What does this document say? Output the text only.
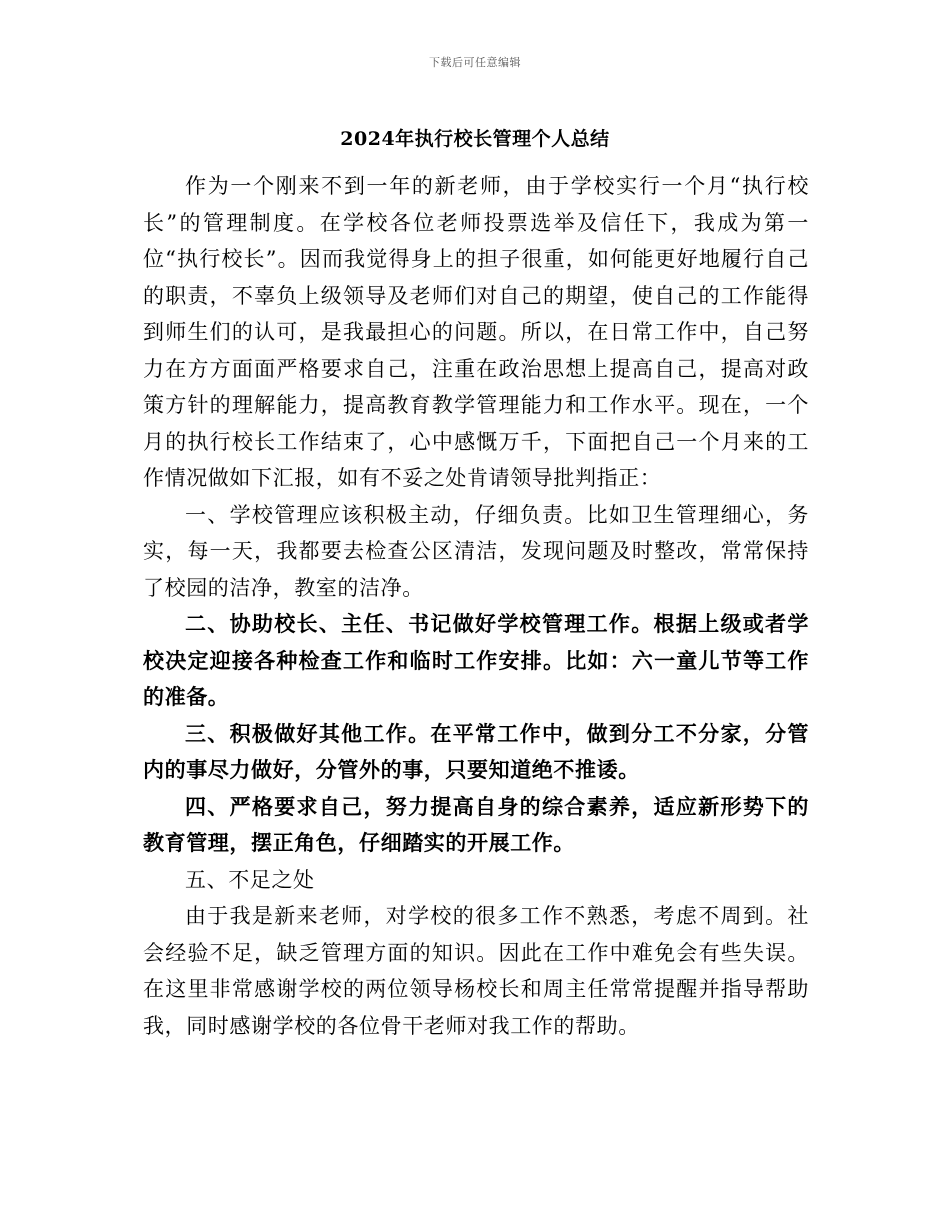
下载后可任意编辑
2024年执行校长管理个人总结

作为一个刚来不到一年的新老师，由于学校实行一个月“执行校长”的管理制度。在学校各位老师投票选举及信任下，我成为第一位“执行校长”。因而我觉得身上的担子很重，如何能更好地履行自己的职责，不辜负上级领导及老师们对自己的期望，使自己的工作能得到师生们的认可，是我最担心的问题。所以，在日常工作中，自己努力在方方面面严格要求自己，注重在政治思想上提高自己，提高对政策方针的理解能力，提高教育教学管理能力和工作水平。现在，一个月的执行校长工作结束了，心中感慨万千，下面把自己一个月来的工作情况做如下汇报，如有不妥之处肯请领导批判指正：

一、学校管理应该积极主动，仔细负责。比如卫生管理细心，务实，每一天，我都要去检查公区清洁，发现问题及时整改，常常保持了校园的洁净，教室的洁净。

二、协助校长、主任、书记做好学校管理工作。根据上级或者学校决定迎接各种检查工作和临时工作安排。比如：六一童儿节等工作的准备。

三、积极做好其他工作。在平常工作中，做到分工不分家，分管内的事尽力做好，分管外的事，只要知道绝不推诿。

四、严格要求自己，努力提高自身的综合素养，适应新形势下的教育管理，摆正角色，仔细踏实的开展工作。

五、不足之处

由于我是新来老师，对学校的很多工作不熟悉，考虑不周到。社会经验不足，缺乏管理方面的知识。因此在工作中难免会有些失误。在这里非常感谢学校的两位领导杨校长和周主任常常提醒并指导帮助我，同时感谢学校的各位骨干老师对我工作的帮助。
